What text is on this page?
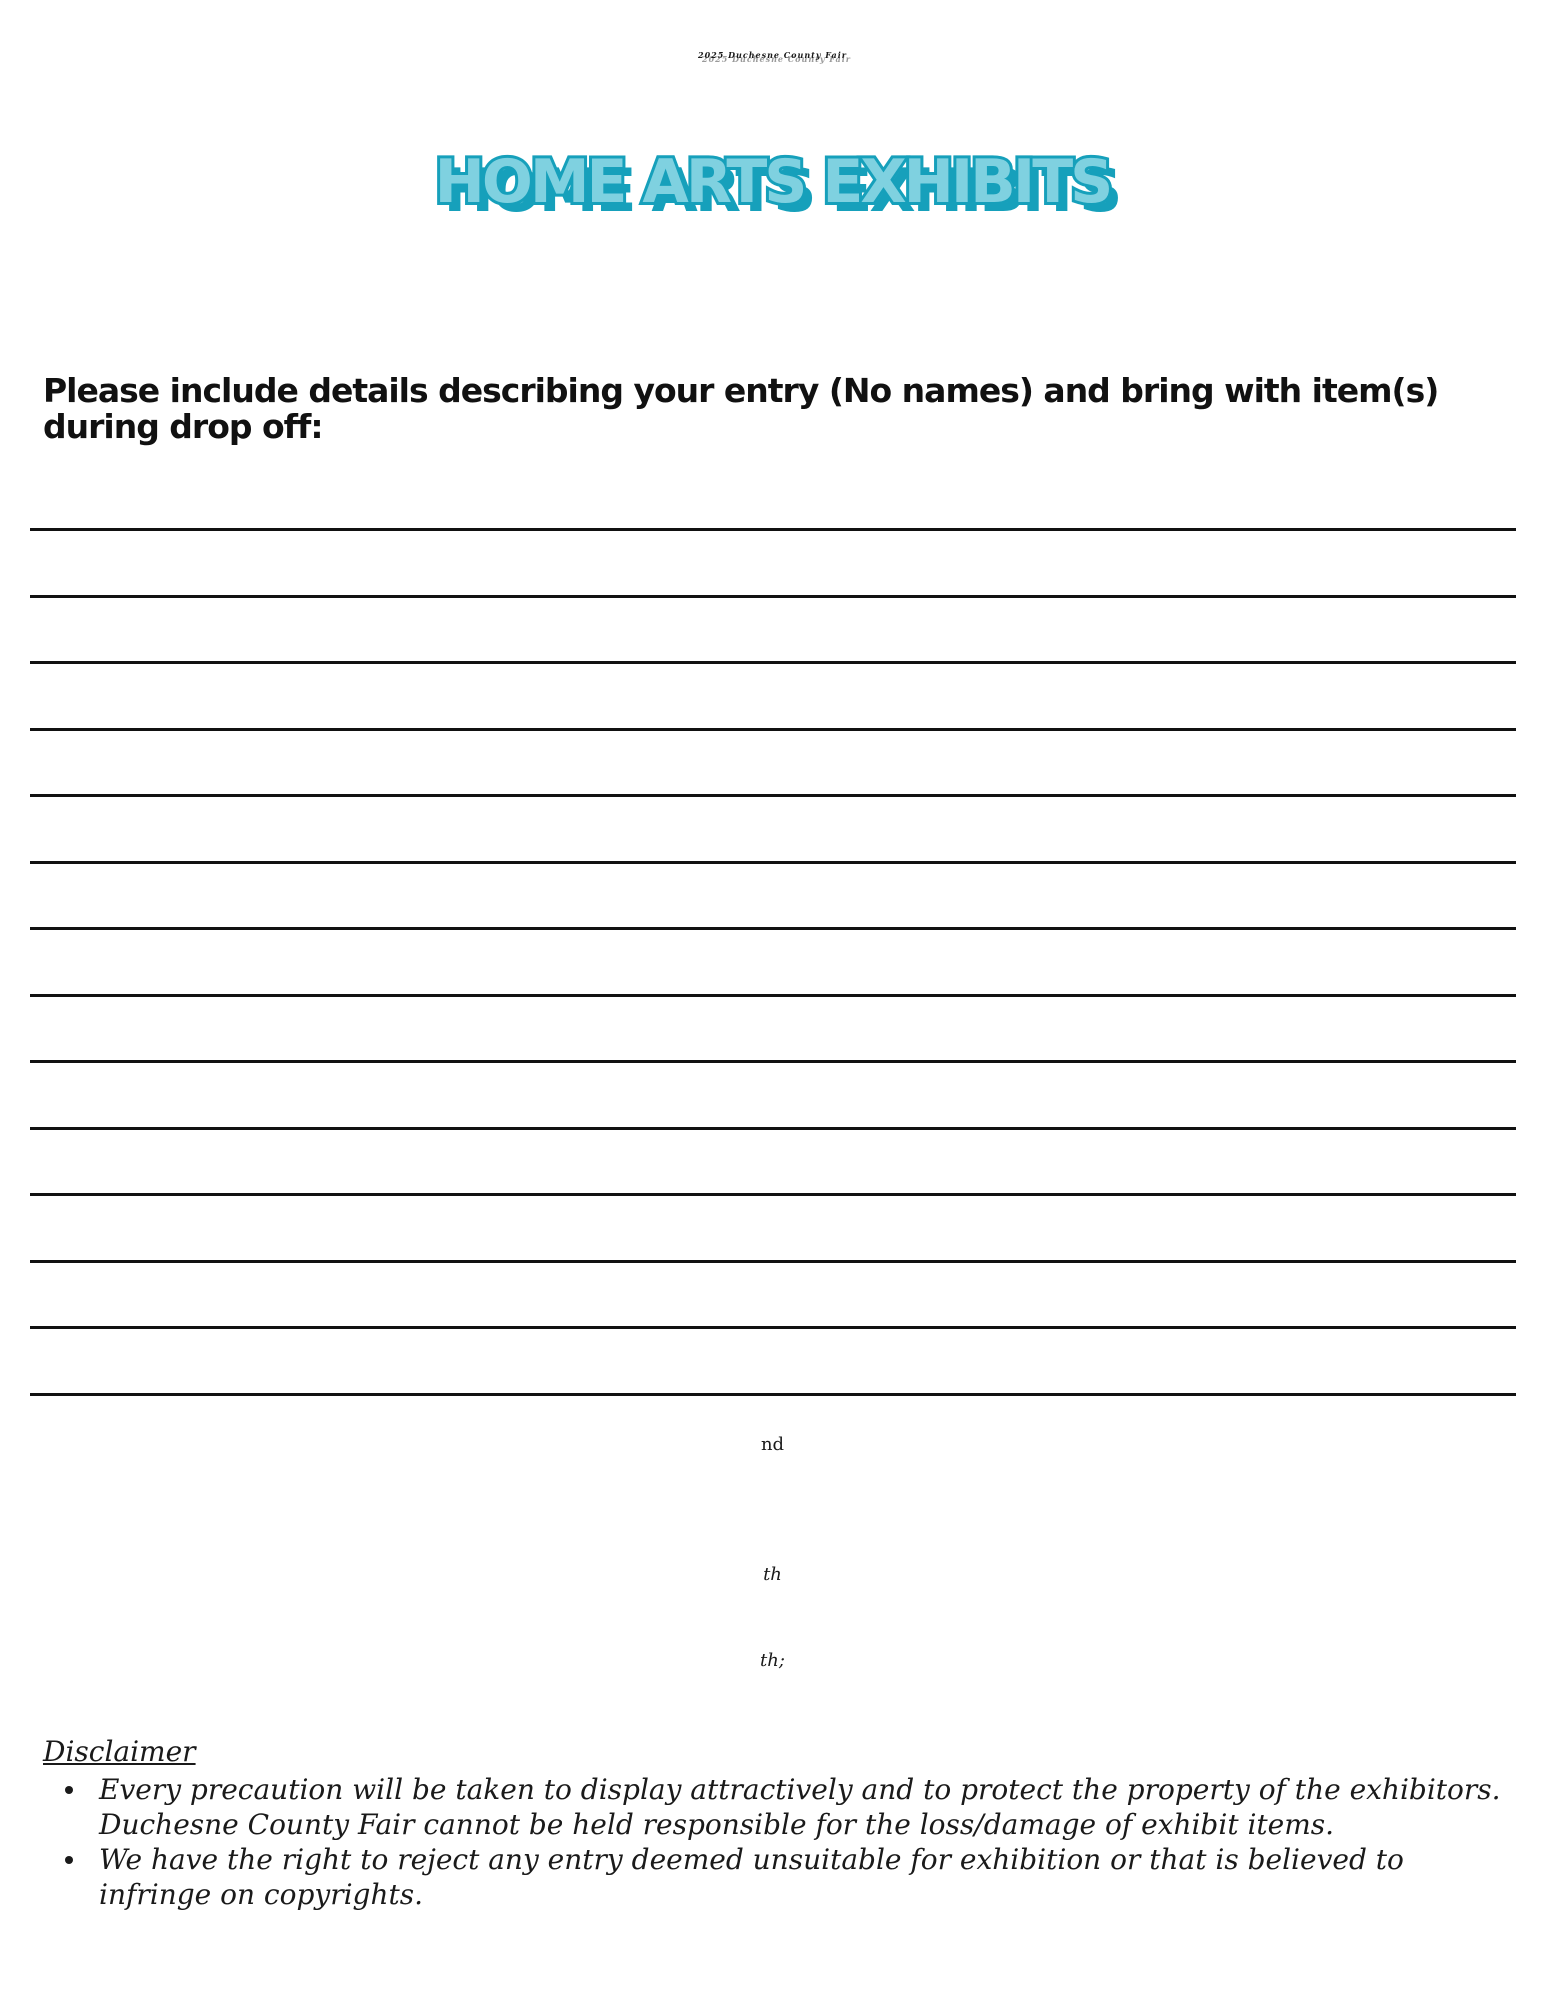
2025 Duchesne County Fair
HOME ARTS EXHIBITS
Please include details describing your entry (No names) and bring with item(s) during drop off:
$^{nd}$
$^{th}$
$^{th;}$
Disclaimer
Every precaution will be taken to display attractively and to protect the property of the exhibitors. Duchesne County Fair cannot be held responsible for the loss/damage of exhibit items.
We have the right to reject any entry deemed unsuitable for exhibition or that is believed to infringe on copyrights.
